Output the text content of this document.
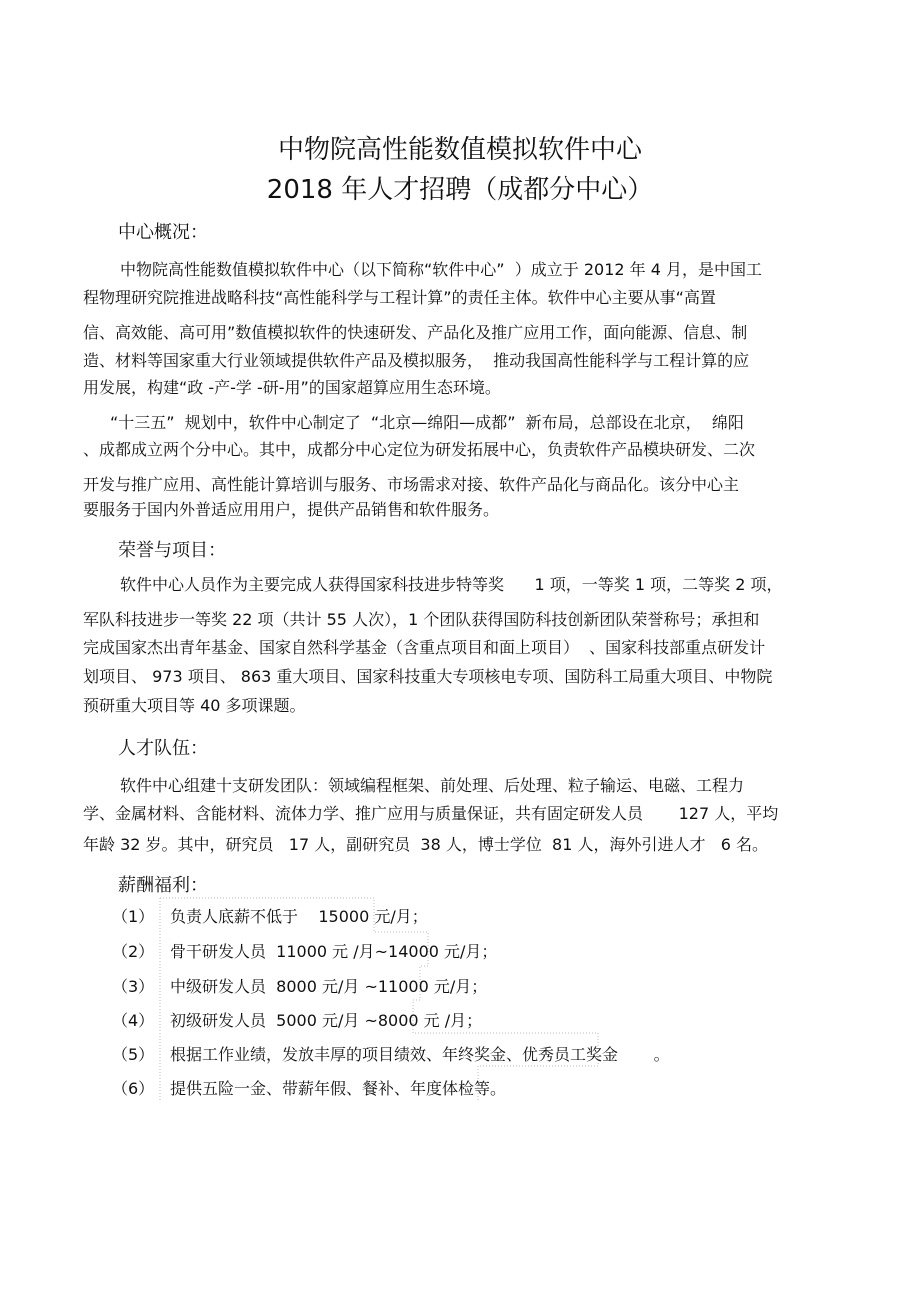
中物院高性能数值模拟软件中心
2018 年人才招聘（成都分中心）
中心概况：
中物院高性能数值模拟软件中心（以下简称“软件中心”  ）成立于 2012 年 4 月，是中国工
程物理研究院推进战略科技“高性能科学与工程计算”的责任主体。软件中心主要从事“高置
信、高效能、高可用”数值模拟软件的快速研发、产品化及推广应用工作，面向能源、信息、制
造、材料等国家重大行业领域提供软件产品及模拟服务，  推动我国高性能科学与工程计算的应
用发展，构建“政 -产-学 -研-用”的国家超算应用生态环境。
“十三五”  规划中，软件中心制定了  “北京—绵阳—成都”  新布局，总部设在北京，  绵阳
、成都成立两个分中心。其中，成都分中心定位为研发拓展中心，负责软件产品模块研发、二次
开发与推广应用、高性能计算培训与服务、市场需求对接、软件产品化与商品化。该分中心主
要服务于国内外普适应用用户，提供产品销售和软件服务。
荣誉与项目：
软件中心人员作为主要完成人获得国家科技进步特等奖      1 项，一等奖 1 项，二等奖 2 项，
军队科技进步一等奖 22 项（共计 55 人次），1 个团队获得国防科技创新团队荣誉称号；承担和
完成国家杰出青年基金、国家自然科学基金（含重点项目和面上项目）  、国家科技部重点研发计
划项目、 973 项目、 863 重大项目、国家科技重大专项核电专项、国防科工局重大项目、中物院
预研重大项目等 40 多项课题。
人才队伍：
软件中心组建十支研发团队：领域编程框架、前处理、后处理、粒子输运、电磁、工程力
学、金属材料、含能材料、流体力学、推广应用与质量保证，共有固定研发人员       127 人，平均
年龄 32 岁。其中，研究员   17 人，副研究员  38 人，博士学位  81 人，海外引进人才   6 名。
薪酬福利：
（1） 负责人底薪不低于    15000 元/月；
（2） 骨干研发人员  11000 元 /月~14000 元/月；
（3） 中级研发人员  8000 元/月 ~11000 元/月；
（4） 初级研发人员  5000 元/月 ~8000 元 /月；
（5） 根据工作业绩，发放丰厚的项目绩效、年终奖金、优秀员工奖金       。
（6） 提供五险一金、带薪年假、餐补、年度体检等。
